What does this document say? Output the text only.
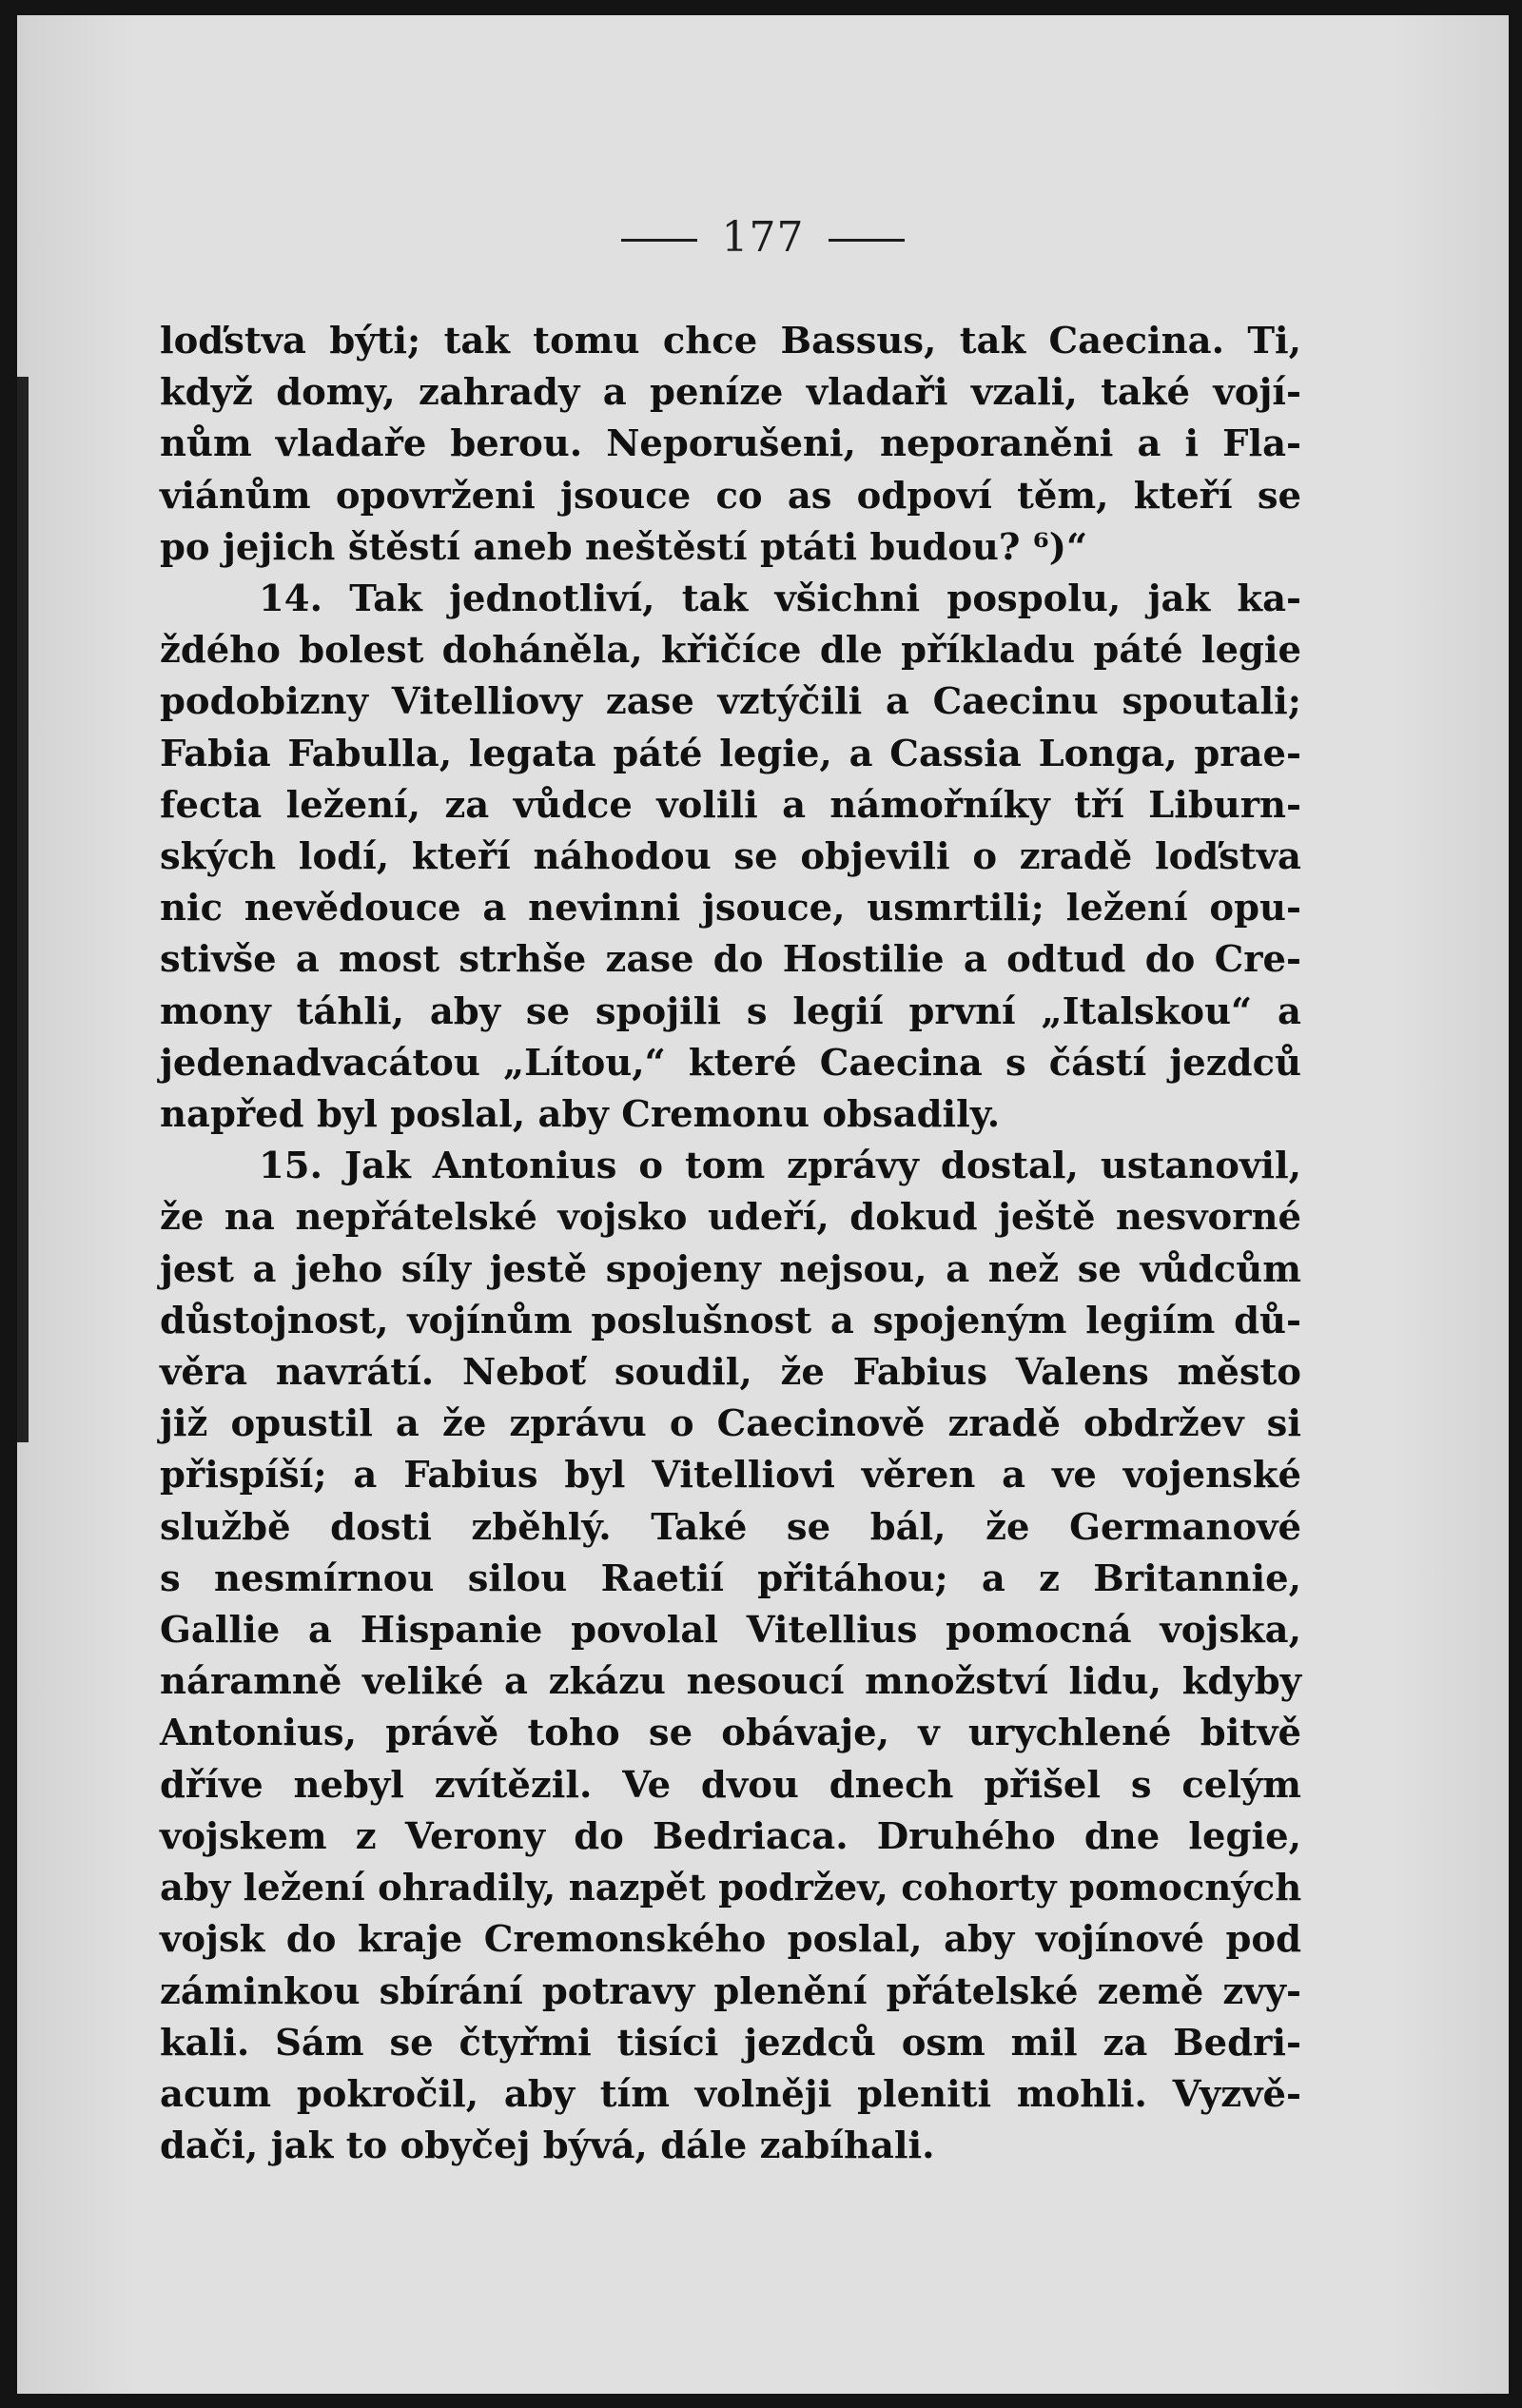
177
loďstva býti; tak tomu chce Bassus, tak Caecina. Ti,
když domy, zahrady a peníze vladaři vzali, také vojí-
nům vladaře berou. Neporušeni, neporaněni a i Fla-
viánům opovrženi jsouce co as odpoví těm, kteří se
po jejich štěstí aneb neštěstí ptáti budou? ⁶)“
14. Tak jednotliví, tak všichni pospolu, jak ka-
ždého bolest doháněla, křičíce dle příkladu páté legie
podobizny Vitelliovy zase vztýčili a Caecinu spoutali;
Fabia Fabulla, legata páté legie, a Cassia Longa, prae-
fecta ležení, za vůdce volili a námořníky tří Liburn-
ských lodí, kteří náhodou se objevili o zradě loďstva
nic nevědouce a nevinni jsouce, usmrtili; ležení opu-
stivše a most strhše zase do Hostilie a odtud do Cre-
mony táhli, aby se spojili s legií první „Italskou“ a
jedenadvacátou „Lítou,“ které Caecina s částí jezdců
napřed byl poslal, aby Cremonu obsadily.
15. Jak Antonius o tom zprávy dostal, ustanovil,
že na nepřátelské vojsko udeří, dokud ještě nesvorné
jest a jeho síly jestě spojeny nejsou, a než se vůdcům
důstojnost, vojínům poslušnost a spojeným legiím dů-
věra navrátí. Neboť soudil, že Fabius Valens město
již opustil a že zprávu o Caecinově zradě obdržev si
přispíší; a Fabius byl Vitelliovi věren a ve vojenské
službě dosti zběhlý. Také se bál, že Germanové
s nesmírnou silou Raetií přitáhou; a z Britannie,
Gallie a Hispanie povolal Vitellius pomocná vojska,
náramně veliké a zkázu nesoucí množství lidu, kdyby
Antonius, právě toho se obávaje, v urychlené bitvě
dříve nebyl zvítězil. Ve dvou dnech přišel s celým
vojskem z Verony do Bedriaca. Druhého dne legie,
aby ležení ohradily, nazpět podržev, cohorty pomocných
vojsk do kraje Cremonského poslal, aby vojínové pod
záminkou sbírání potravy plenění přátelské země zvy-
kali. Sám se čtyřmi tisíci jezdců osm mil za Bedri-
acum pokročil, aby tím volněji pleniti mohli. Vyzvě-
dači, jak to obyčej bývá, dále zabíhali.
